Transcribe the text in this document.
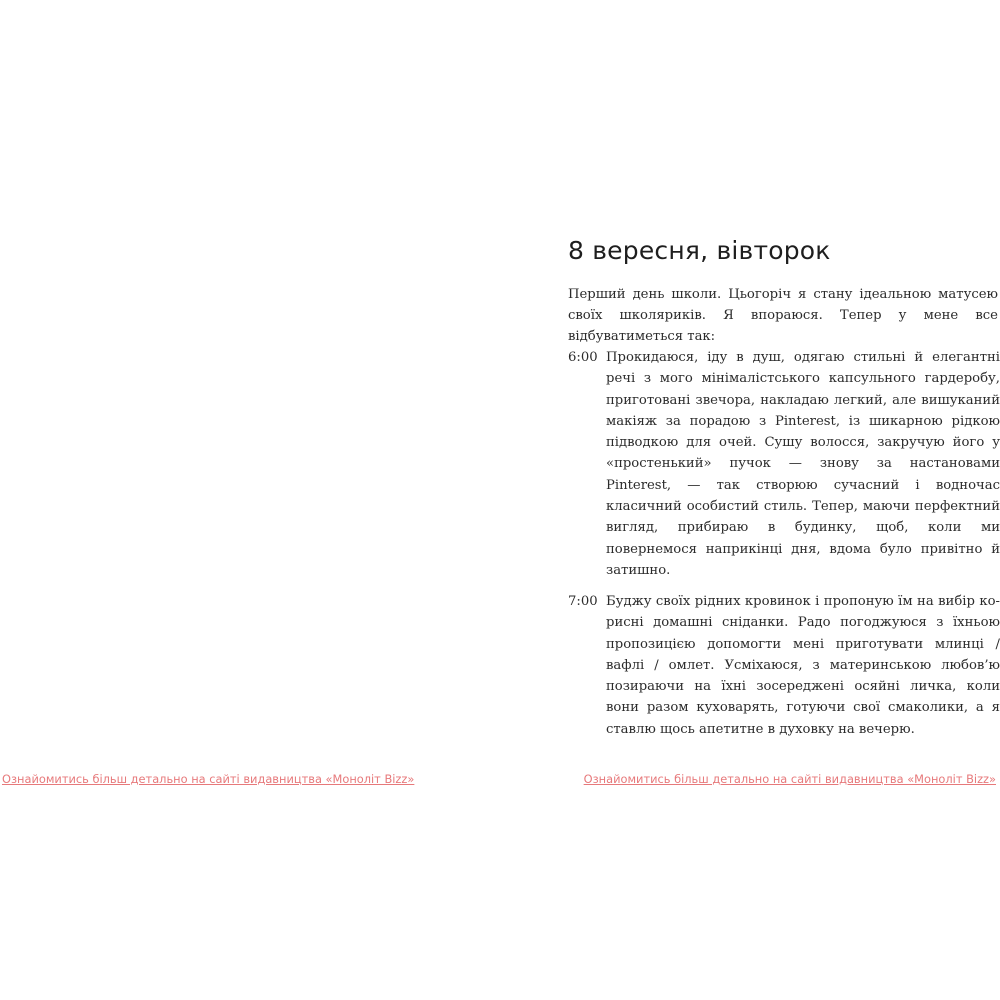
Ознайомитись більш детально на сайті видавництва «Моноліт Bizz»
8 вересня, вівторок

Перший день школи. Цьогоріч я стану ідеальною матусею своїх школяриків. Я впораюся. Тепер у мене все відбуватиметься так:

6:00 Прокидаюся, іду в душ, одягаю стильні й елегантні речі з мого мінімалістського капсульного гардеробу, приготовані звечора, накладаю легкий, але вишуканий макіяж за порадою з Pinterest, із шикарною рідкою підводкою для очей. Сушу волосся, закручую його у «простенький» пучок — знову за настановами Pinterest, — так створюю сучасний і водночас класичний особистий стиль. Тепер, маючи перфектний вигляд, прибираю в будинку, щоб, коли ми повернемося наприкінці дня, вдома було привітно й затишно.

7:00 Буджу своїх рідних кровинок і пропоную їм на вибір корисні домашні сніданки. Радо погоджуюся з їхньою пропозицією допомогти мені приготувати млинці / вафлі / омлет. Усміхаюся, з материнською любов’ю позираючи на їхні зосереджені осяйні личка, коли вони разом куховарять, готуючи свої смаколики, а я ставлю щось апетитне в духовку на вечерю.

Ознайомитись більш детально на сайті видавництва «Моноліт Bizz»
